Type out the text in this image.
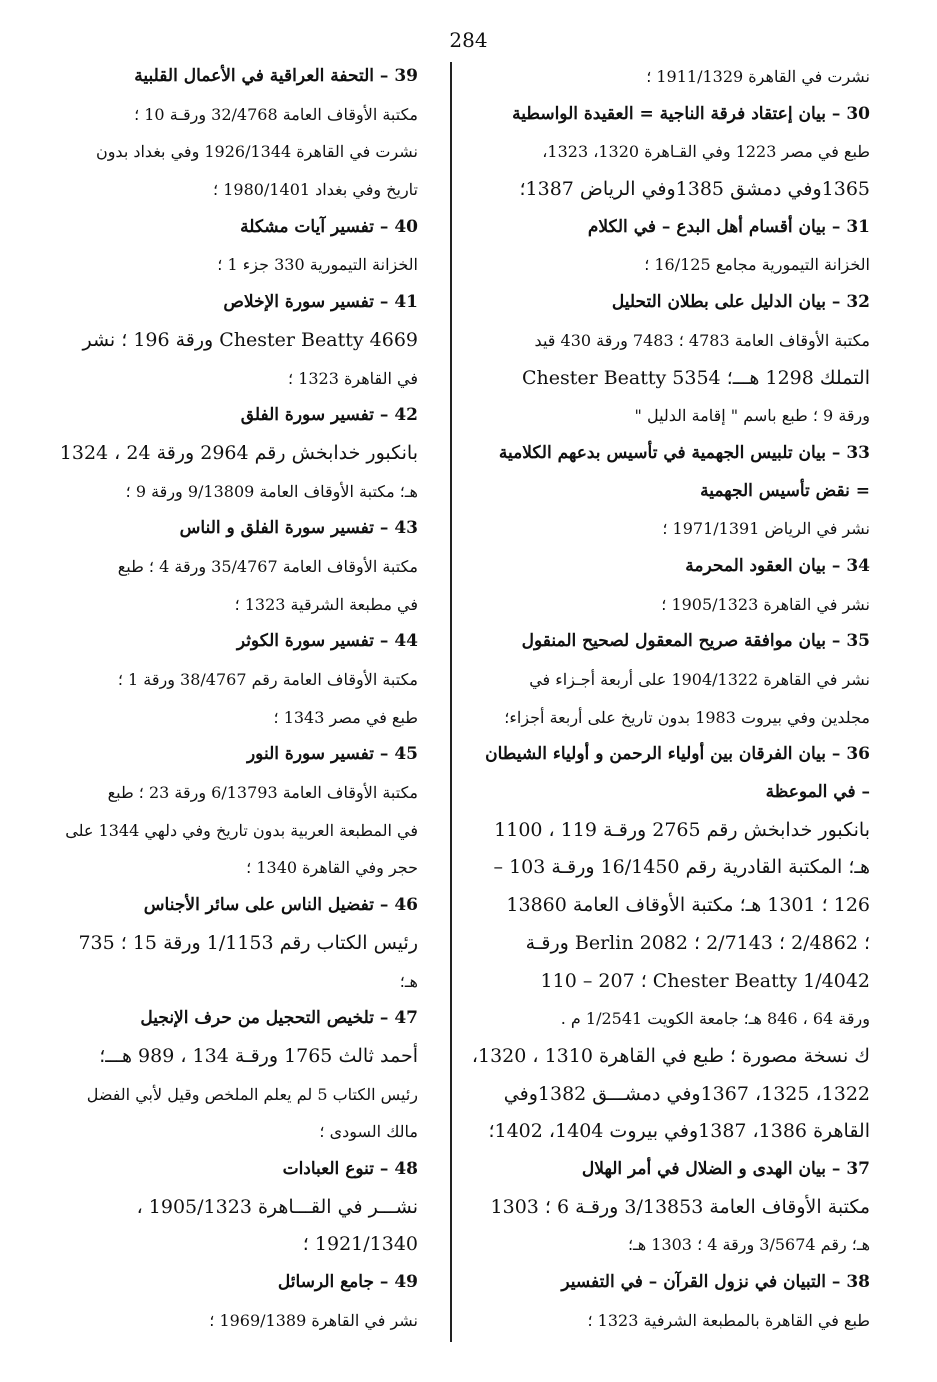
284
نشرت في القاهرة 1911/1329 ؛
30 – بيان إعتقاد فرقة الناجية = العقيدة الواسطية
طبع في مصر 1223 وفي القـاهرة 1320، 1323،
1365وفي دمشق 1385وفي الرياض 1387؛
31 – بيان أقسام أهل البدع – في الكلام
الخزانة التيمورية مجامع 16/125 ؛
32 – بيان الدليل على بطلان التحليل
مكتبة الأوقاف العامة 4783 ؛ 7483 ورقة 430 قيد
التملك 1298 هـــ؛ 5354 Chester Beatty
ورقة 9 ؛ طبع باسم " إقامة الدليل "
33 – بيان تلبيس الجهمية في تأسيس بدعهم الكلامية
= نقض تأسيس الجهمية
نشر في الرياض 1971/1391 ؛
34 – بيان العقود المحرمة
نشر في القاهرة 1905/1323 ؛
35 – بيان موافقة صريح المعقول لصحيح المنقول
نشر في القاهرة 1904/1322 على أربعة أجـزاء في
مجلدين وفي بيروت 1983 بدون تاريخ على أربعة أجزاء؛
36 – بيان الفرقان بين أولياء الرحمن و أولياء الشيطان
– في الموعظة
بانكبور خدابخش رقم 2765 ورقـة 119 ، 1100
هـ؛ المكتبة القادرية رقم 16/1450 ورقـة 103 –
126 ؛ 1301 هـ؛ مكتبة الأوقاف العامة 13860
؛ 2/4862 ؛ 2/7143 ؛ 2082 Berlin ورقـة
1/4042 Chester Beatty ؛ 207 – 110
ورقة 64 ، 846 هـ؛ جامعة الكويت 1/2541 م .
ك نسخة مصورة ؛ طبع في القاهرة 1310 ، 1320،
1322، 1325، 1367وفي دمشـــق 1382وفي
القاهرة 1386، 1387وفي بيروت 1404، 1402؛
37 – بيان الهدى و الضلال في أمر الهلال
مكتبة الأوقاف العامة 3/13853 ورقـة 6 ؛ 1303
هـ؛ رقم 3/5674 ورقة 4 ؛ 1303 هـ؛
38 – التبيان في نزول القرآن – في التفسير
طبع في القاهرة بالمطبعة الشرفية 1323 ؛
39 – التحفة العراقية في الأعمال القلبية
مكتبة الأوقاف العامة 32/4768 ورقـة 10 ؛
نشرت في القاهرة 1926/1344 وفي بغداد بدون
تاريخ وفي بغداد 1980/1401 ؛
40 – تفسير آيات مشكلة
الخزانة التيمورية 330 جزء 1 ؛
41 – تفسير سورة الإخلاص
4669 Chester Beatty ورقة 196 ؛ نشر
في القاهرة 1323 ؛
42 – تفسير سورة الفلق
بانكبور خدابخش رقم 2964 ورقة 24 ، 1324
هـ؛ مكتبة الأوقاف العامة 9/13809 ورقة 9 ؛
43 – تفسير سورة الفلق و الناس
مكتبة الأوقاف العامة 35/4767 ورقة 4 ؛ طبع
في مطبعة الشرقية 1323 ؛
44 – تفسير سورة الكوثر
مكتبة الأوقاف العامة رقم 38/4767 ورقة 1 ؛
طبع في مصر 1343 ؛
45 – تفسير سورة النور
مكتبة الأوقاف العامة 6/13793 ورقة 23 ؛ طبع
في المطبعة العربية بدون تاريخ وفي دلهي 1344 على
حجر وفي القاهرة 1340 ؛
46 – تفضيل الناس على سائر الأجناس
رئيس الكتاب رقم 1/1153 ورقة 15 ؛ 735
هـ؛
47 – تلخيص التحجيل من حرف الإنجيل
أحمد ثالث 1765 ورقـة 134 ، 989 هـــ؛
رئيس الكتاب 5 لم يعلم الملخص وقيل لأبي الفضل
مالك السودى ؛
48 – تنوع العبادات
نشـــر في القـــاهرة 1905/1323 ،
1921/1340 ؛
49 – جامع الرسائل
نشر في القاهرة 1969/1389 ؛
